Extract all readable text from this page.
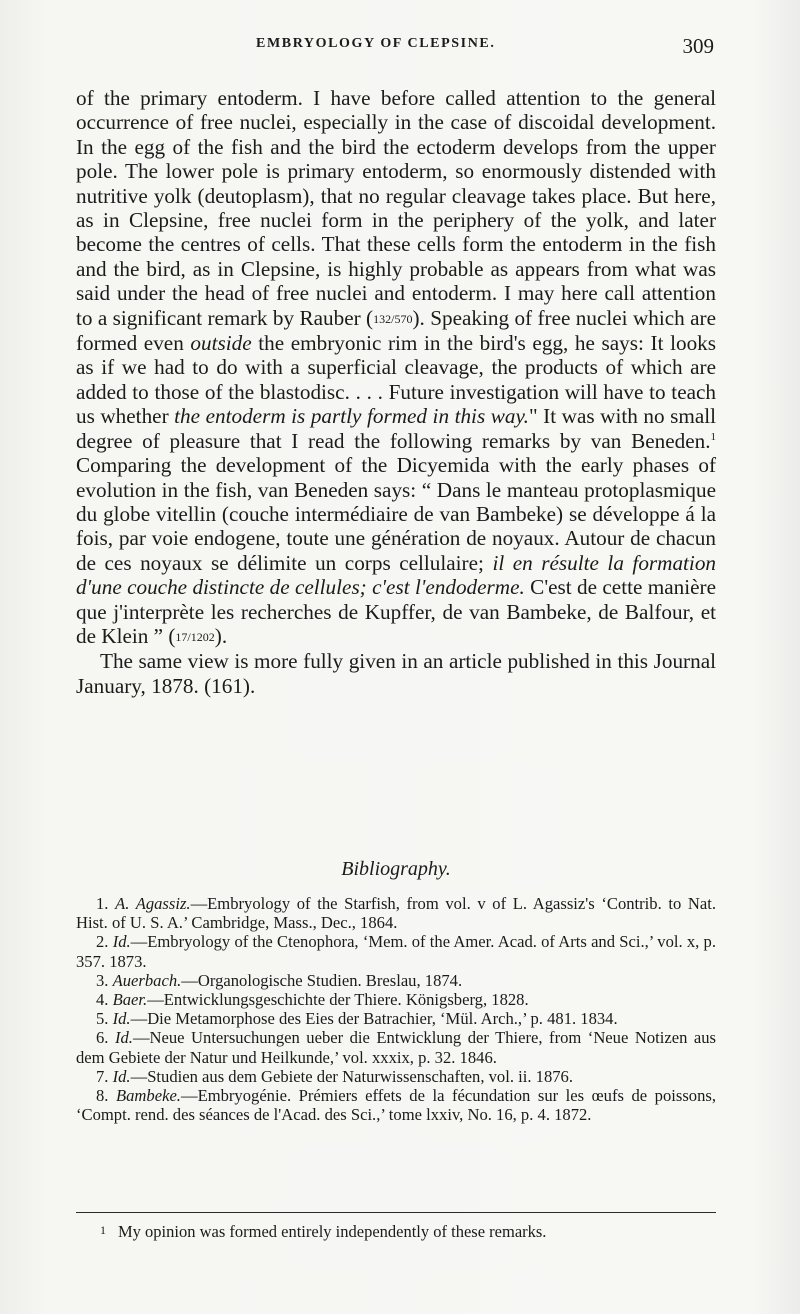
EMBRYOLOGY OF CLEPSINE.	309

of the primary entoderm. I have before called attention to the general occurrence of free nuclei, especially in the case of discoidal development. In the egg of the fish and the bird the ectoderm develops from the upper pole. The lower pole is primary entoderm, so enormously distended with nutritive yolk (deutoplasm), that no regular cleavage takes place. But here, as in Clepsine, free nuclei form in the periphery of the yolk, and later become the centres of cells. That these cells form the entoderm in the fish and the bird, as in Clepsine, is highly probable as appears from what was said under the head of free nuclei and entoderm. I may here call attention to a significant remark by Rauber (132/570). Speaking of free nuclei which are formed even outside the embryonic rim in the bird's egg, he says: It looks as if we had to do with a superficial cleavage, the products of which are added to those of the blastodisc. . . . Future investigation will have to teach us whether the entoderm is partly formed in this way." It was with no small degree of pleasure that I read the following remarks by van Beneden.$^1$ Comparing the development of the Dicyemida with the early phases of evolution in the fish, van Beneden says: “ Dans le manteau protoplasmique du globe vitellin (couche intermédiaire de van Bambeke) se développe á la fois, par voie endogene, toute une génération de noyaux. Autour de chacun de ces noyaux se délimite un corps cellulaire; il en résulte la formation d'une couche distincte de cellules; c'est l'endoderme. C'est de cette manière que j'interprète les recherches de Kupffer, de van Bambeke, de Balfour, et de Klein ” (17/1202).

The same view is more fully given in an article published in this Journal January, 1878. (161).

Bibliography.

1. A. Agassiz.—Embryology of the Starfish, from vol. v of L. Agassiz's ‘Contrib. to Nat. Hist. of U. S. A.’ Cambridge, Mass., Dec., 1864.

2. Id.—Embryology of the Ctenophora, ‘Mem. of the Amer. Acad. of Arts and Sci.,’ vol. x, p. 357. 1873.

3. Auerbach.—Organologische Studien. Breslau, 1874.

4. Baer.—Entwicklungsgeschichte der Thiere. Königsberg, 1828.

5. Id.—Die Metamorphose des Eies der Batrachier, ‘Mül. Arch.,’ p. 481. 1834.

6. Id.—Neue Untersuchungen ueber die Entwicklung der Thiere, from ‘Neue Notizen aus dem Gebiete der Natur und Heilkunde,’ vol. xxxix, p. 32. 1846.

7. Id.—Studien aus dem Gebiete der Naturwissenschaften, vol. ii. 1876.

8. Bambeke.—Embryogénie. Prémiers effets de la fécundation sur les œufs de poissons, ‘Compt. rend. des séances de l'Acad. des Sci.,’ tome lxxiv, No. 16, p. 4. 1872.

1 My opinion was formed entirely independently of these remarks.
